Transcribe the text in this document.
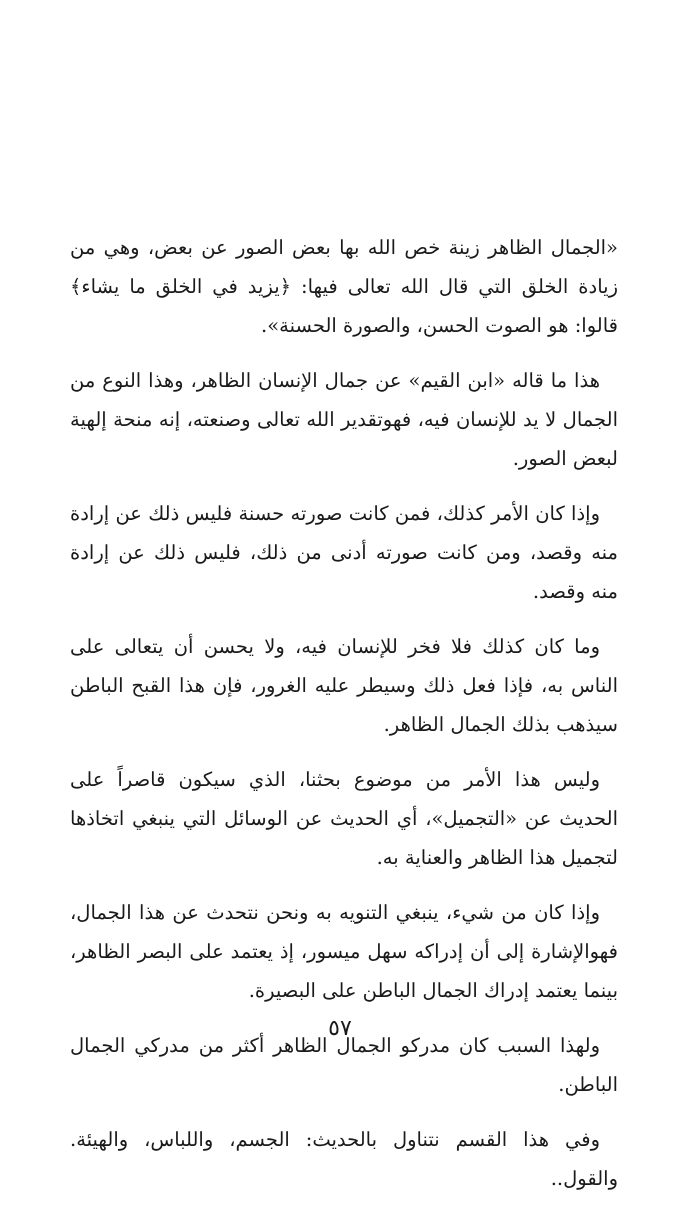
«الجمال الظاهر زينة خص الله بها بعض الصور عن بعض، وهي من زيادة الخلق التي قال الله تعالى فيها: ﴿يزيد في الخلق ما يشاء﴾ قالوا: هو الصوت الحسن، والصورة الحسنة».

هذا ما قاله «ابن القيم» عن جمال الإنسان الظاهر، وهذا النوع من الجمال لا يد للإنسان فيه، فهوتقدير الله تعالى وصنعته، إنه منحة إلهية لبعض الصور.

وإذا كان الأمر كذلك، فمن كانت صورته حسنة فليس ذلك عن إرادة منه وقصد، ومن كانت صورته أدنى من ذلك، فليس ذلك عن إرادة منه وقصد.

وما كان كذلك فلا فخر للإنسان فيه، ولا يحسن أن يتعالى على الناس به، فإذا فعل ذلك وسيطر عليه الغرور، فإن هذا القبح الباطن سيذهب بذلك الجمال الظاهر.

وليس هذا الأمر من موضوع بحثنا، الذي سيكون قاصراً على الحديث عن «التجميل»، أي الحديث عن الوسائل التي ينبغي اتخاذها لتجميل هذا الظاهر والعناية به.

وإذا كان من شيء، ينبغي التنويه به ونحن نتحدث عن هذا الجمال، فهوالإشارة إلى أن إدراكه سهل ميسور، إذ يعتمد على البصر الظاهر، بينما يعتمد إدراك الجمال الباطن على البصيرة.

ولهذا السبب كان مدركو الجمال الظاهر أكثر من مدركي الجمال الباطن.

وفي هذا القسم نتناول بالحديث: الجسم، واللباس، والهيئة. والقول..

٥٧
